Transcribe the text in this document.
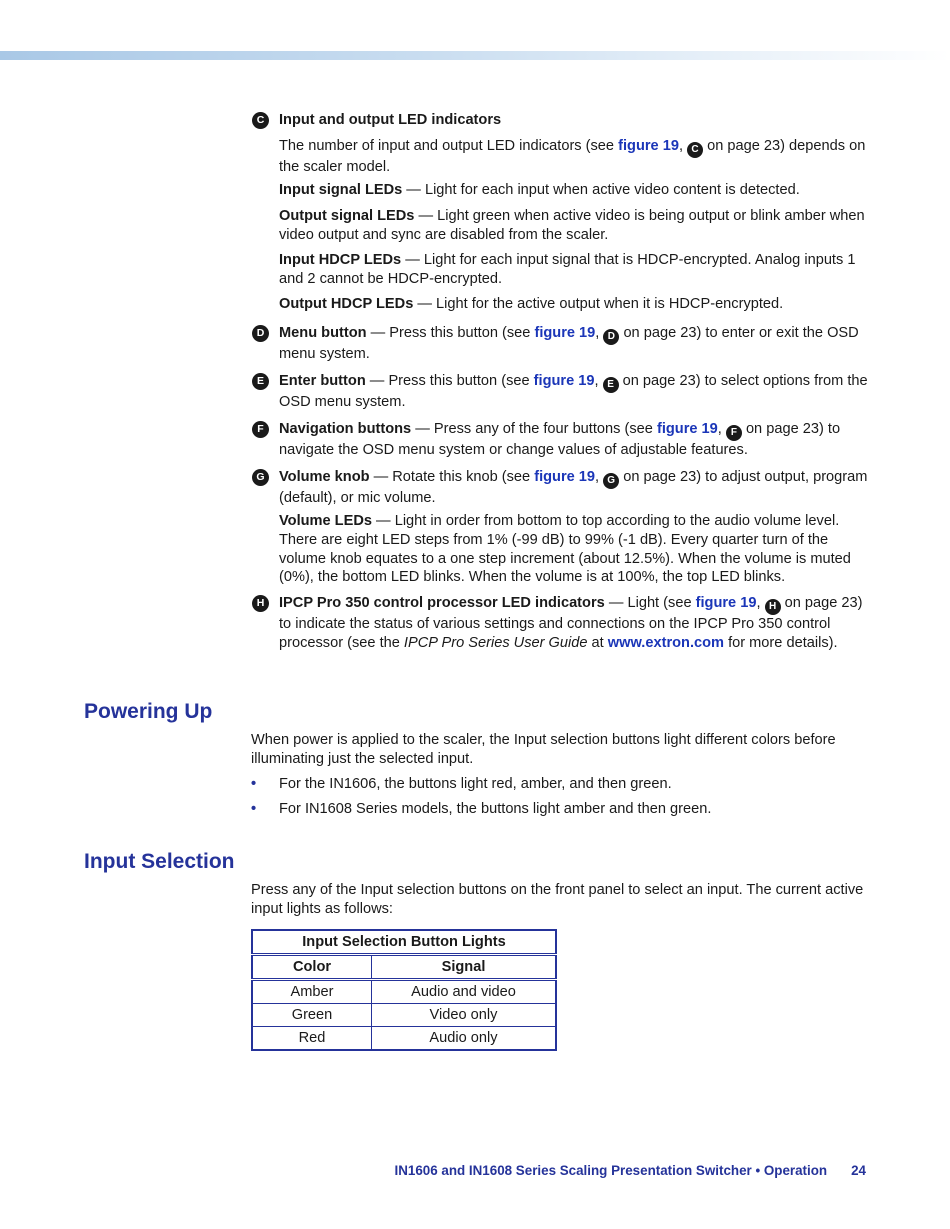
C	Input and output LED indicators
The number of input and output LED indicators (see figure 19, C on page 23) depends on the scaler model.
Input signal LEDs — Light for each input when active video content is detected.
Output signal LEDs — Light green when active video is being output or blink amber when video output and sync are disabled from the scaler.
Input HDCP LEDs — Light for each input signal that is HDCP-encrypted. Analog inputs 1 and 2 cannot be HDCP-encrypted.
Output HDCP LEDs — Light for the active output when it is HDCP-encrypted.
D	Menu button — Press this button (see figure 19, D on page 23) to enter or exit the OSD menu system.
E	Enter button — Press this button (see figure 19, E on page 23) to select options from the OSD menu system.
F	Navigation buttons — Press any of the four buttons (see figure 19, F on page 23) to navigate the OSD menu system or change values of adjustable features.
G Volume knob — Rotate this knob (see figure 19, G on page 23) to adjust output, program (default), or mic volume.
Volume LEDs — Light in order from bottom to top according to the audio volume level. There are eight LED steps from 1% (-99 dB) to 99% (-1 dB). Every quarter turn of the volume knob equates to a one step increment (about 12.5%). When the volume is muted (0%), the bottom LED blinks. When the volume is at 100%, the top LED blinks.
H	IPCP Pro 350 control processor LED indicators — Light (see figure 19, H on page 23) to indicate the status of various settings and connections on the IPCP Pro 350 control processor (see the IPCP Pro Series User Guide at www.extron.com for more details).
Powering Up
When power is applied to the scaler, the Input selection buttons light different colors before illuminating just the selected input.
• For the IN1606, the buttons light red, amber, and then green.
• For IN1608 Series models, the buttons light amber and then green.
Input Selection
Press any of the Input selection buttons on the front panel to select an input. The current active input lights as follows:
Input Selection Button Lights	
Color	Signal
Amber	Audio and video
Green	Video only
Red	Audio only
IN1606 and IN1608 Series Scaling Presentation Switcher • Operation 24
